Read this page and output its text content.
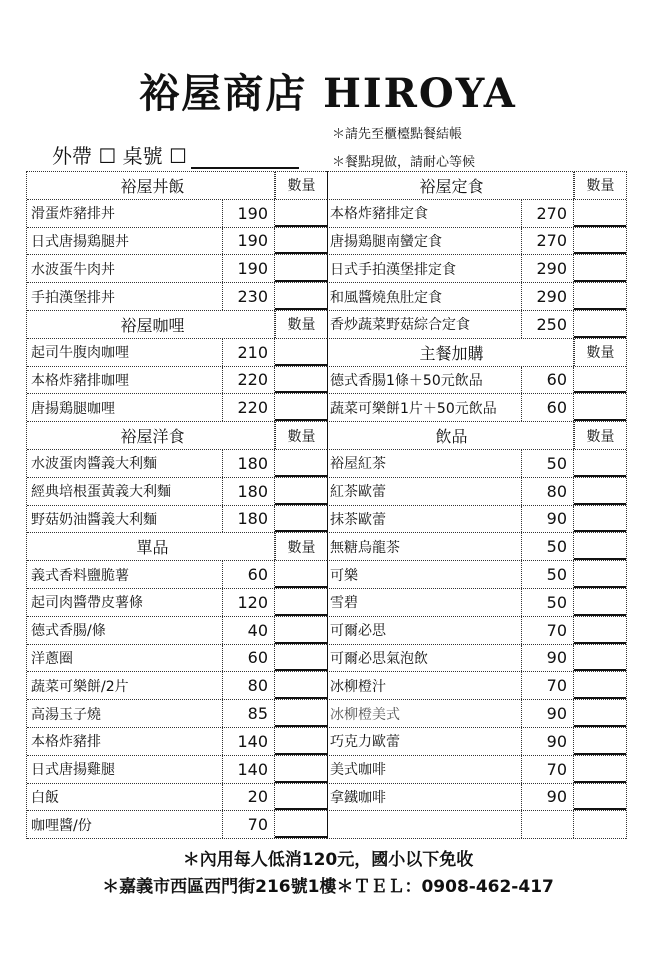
裕屋商店 HIROYA
外帶 ☐ 桌號 ☐
＊請先至櫃檯點餐結帳
＊餐點現做，請耐心等候
裕屋丼飯	數量
滑蛋炸豬排丼	190
日式唐揚鶏腿丼	190
水波蛋牛肉丼	190
手拍漢堡排丼	230
裕屋咖哩	數量
起司牛腹肉咖哩	210
本格炸豬排咖哩	220
唐揚鶏腿咖哩	220
裕屋洋食	數量
水波蛋肉醬義大利麵	180
經典培根蛋黃義大利麵	180
野菇奶油醬義大利麵	180
單品	數量
義式香料鹽脆薯	60
起司肉醬帶皮薯條	120
德式香腸/條	40
洋蔥圈	60
蔬菜可樂餅/2片	80
高湯玉子燒	85
本格炸豬排	140
日式唐揚雞腿	140
白飯	20
咖哩醬/份	70
裕屋定食	數量
本格炸豬排定食	270
唐揚鶏腿南蠻定食	270
日式手拍漢堡排定食	290
和風醬燒魚肚定食	290
香炒蔬菜野菇綜合定食	250
主餐加購	數量
德式香腸1條＋50元飲品	60
蔬菜可樂餅1片＋50元飲品	60
飲品	數量
裕屋紅茶	50
紅茶歐蕾	80
抹茶歐蕾	90
無糖烏龍茶	50
可樂	50
雪碧	50
可爾必思	70
可爾必思氣泡飲	90
冰柳橙汁	70
冰柳橙美式	90
巧克力歐蕾	90
美式咖啡	70
拿鐵咖啡	90
＊內用每人低消120元，國小以下免收
＊嘉義市西區西門街216號1樓＊ＴＥＬ：0908-462-417
